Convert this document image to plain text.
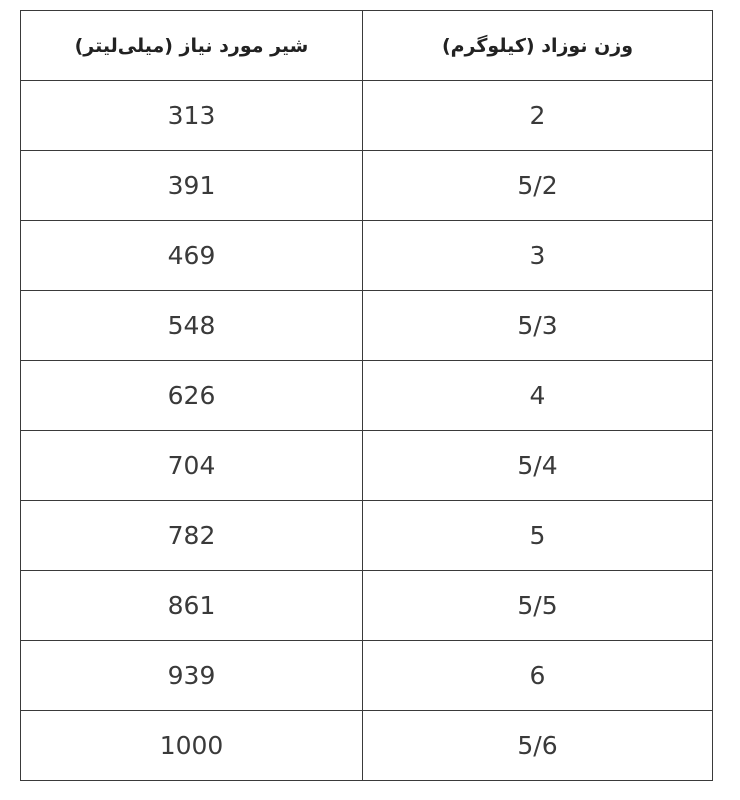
شیر مورد نیاز (میلی‌لیتر)	وزن نوزاد (کیلوگرم)
313	2
391	5/2
469	3
548	5/3
626	4
704	5/4
782	5
861	5/5
939	6
1000	5/6
